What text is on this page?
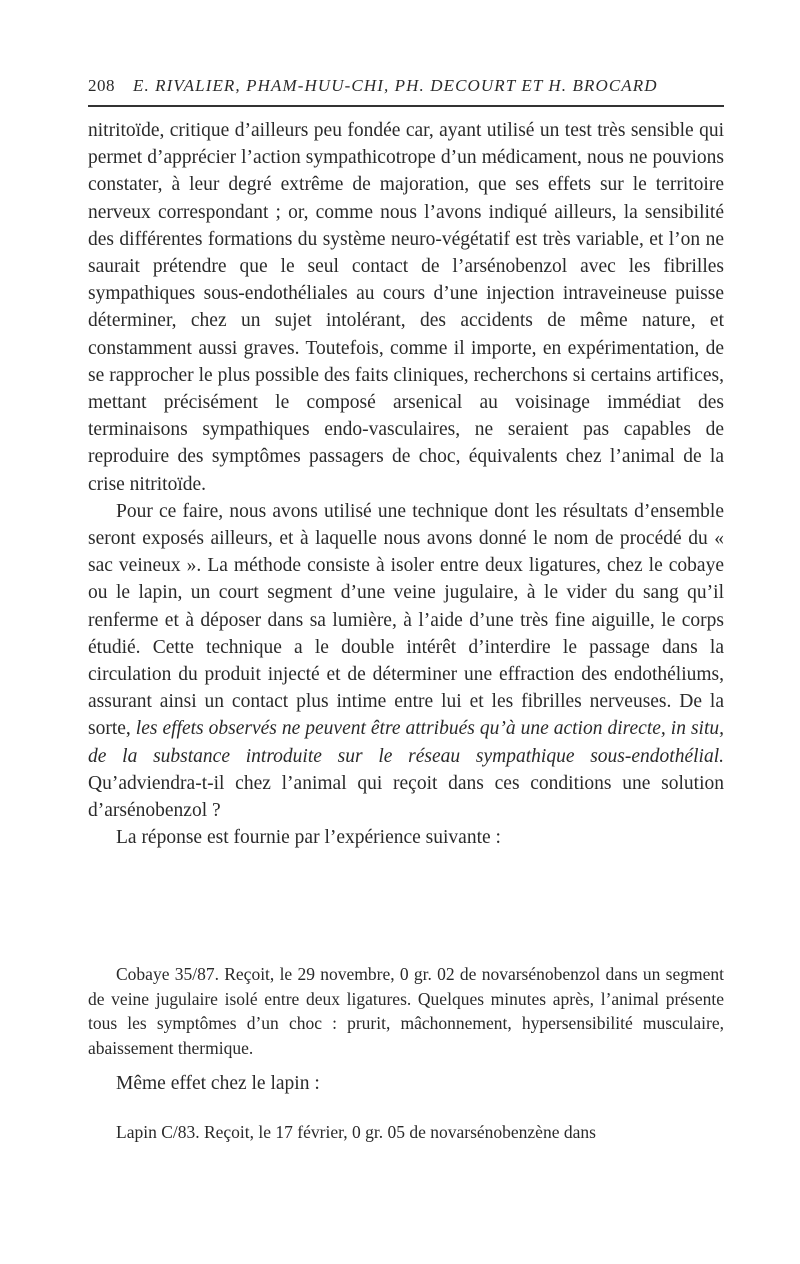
208 E. RIVALIER, PHAM-HUU-CHI, PH. DECOURT ET H. BROCARD

nitritoïde, critique d’ailleurs peu fondée car, ayant utilisé un test très sensible qui permet d’apprécier l’action sympathicotrope d’un médicament, nous ne pouvions constater, à leur degré extrême de majoration, que ses effets sur le territoire nerveux correspondant ; or, comme nous l’avons indiqué ailleurs, la sensibilité des différentes formations du système neuro-végétatif est très variable, et l’on ne saurait prétendre que le seul contact de l’arsénobenzol avec les fibrilles sympathiques sous-endothéliales au cours d’une injection intraveineuse puisse déterminer, chez un sujet intolérant, des accidents de même nature, et constamment aussi graves. Toutefois, comme il importe, en expérimentation, de se rapprocher le plus possible des faits cliniques, recherchons si certains artifices, mettant précisément le composé arsenical au voisinage immédiat des terminaisons sympathiques endo-vasculaires, ne seraient pas capables de reproduire des symptômes passagers de choc, équivalents chez l’animal de la crise nitritoïde.

Pour ce faire, nous avons utilisé une technique dont les résultats d’ensemble seront exposés ailleurs, et à laquelle nous avons donné le nom de procédé du « sac veineux ». La méthode consiste à isoler entre deux ligatures, chez le cobaye ou le lapin, un court segment d’une veine jugulaire, à le vider du sang qu’il renferme et à déposer dans sa lumière, à l’aide d’une très fine aiguille, le corps étudié. Cette technique a le double intérêt d’interdire le passage dans la circulation du produit injecté et de déterminer une effraction des endothéliums, assurant ainsi un contact plus intime entre lui et les fibrilles nerveuses. De la sorte, les effets observés ne peuvent être attribués qu’à une action directe, in situ, de la substance introduite sur le réseau sympathique sous-endothélial. Qu’adviendra-t-il chez l’animal qui reçoit dans ces conditions une solution d’arsénobenzol ?

La réponse est fournie par l’expérience suivante :

Cobaye 35/87. Reçoit, le 29 novembre, 0 gr. 02 de novarsénobenzol dans un segment de veine jugulaire isolé entre deux ligatures. Quelques minutes après, l’animal présente tous les symptômes d’un choc : prurit, mâchonnement, hypersensibilité musculaire, abaissement thermique.

Même effet chez le lapin :

Lapin C/83. Reçoit, le 17 février, 0 gr. 05 de novarsénobenzène dans
